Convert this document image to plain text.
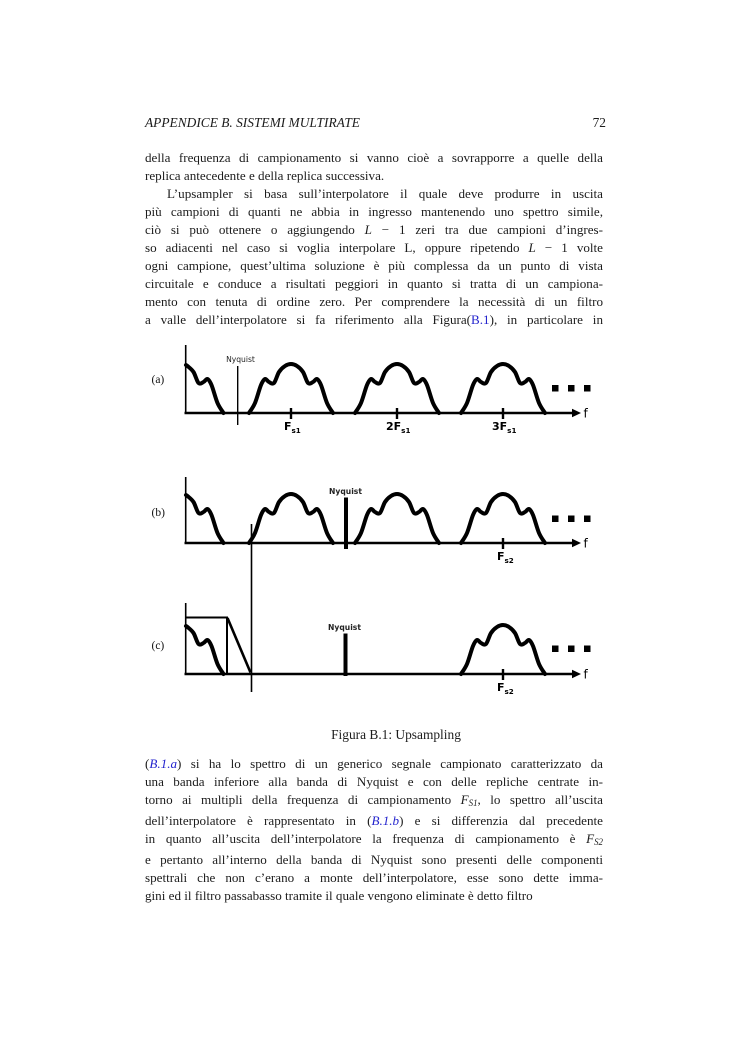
APPENDICE B. SISTEMI MULTIRATE	72
della frequenza di campionamento si vanno cioè a sovrapporre a quelle della
replica antecedente e della replica successiva.
L’upsampler si basa sull’interpolatore il quale deve produrre in uscita
più campioni di quanti ne abbia in ingresso mantenendo uno spettro simile,
ciò si può ottenere o aggiungendo L − 1 zeri tra due campioni d’ingres-
so adiacenti nel caso si voglia interpolare L, oppure ripetendo L − 1 volte
ogni campione, quest’ultima soluzione è più complessa da un punto di vista
circuitale e conduce a risultati peggiori in quanto si tratta di un campiona-
mento con tenuta di ordine zero. Per comprendere la necessità di un filtro
a valle dell’interpolatore si fa riferimento alla Figura(B.1), in particolare in
(a)
f
Nyquist
$F_{s1}$	$2F_{s1}$	$3F_{s1}$
(b)
f
Nyquist
$F_{s2}$
(c)
f
Nyquist
$F_{s2}$
Figura B.1: Upsampling
(B.1.a) si ha lo spettro di un generico segnale campionato caratterizzato da
una banda inferiore alla banda di Nyquist e con delle repliche centrate in-
torno ai multipli della frequenza di campionamento $F_{S1}$, lo spettro all’uscita
dell’interpolatore è rappresentato in (B.1.b) e si differenzia dal precedente
in quanto all’uscita dell’interpolatore la frequenza di campionamento è $F_{S2}$
e pertanto all’interno della banda di Nyquist sono presenti delle componenti
spettrali che non c’erano a monte dell’interpolatore, esse sono dette imma-
gini ed il filtro passabasso tramite il quale vengono eliminate è detto filtro
